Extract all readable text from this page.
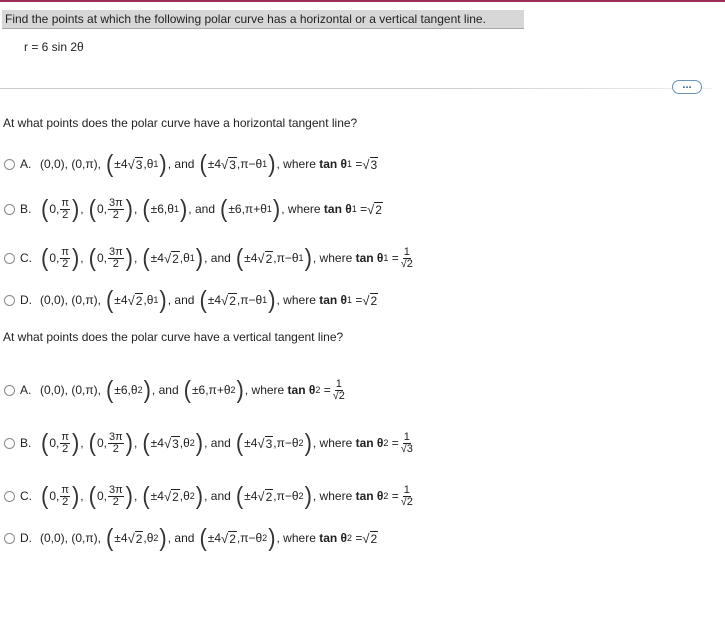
Find the points at which the following polar curve has a horizontal or a vertical tangent line.
r = 6 sin 2θ
...
At what points does the polar curve have a horizontal tangent line?
A. (0,0), (0,π), ( ±4 √ 3 ,θ 1 ) , and ( ±4 √ 3 ,π−θ 1 ) , where tan θ 1 = √ 3
B. ( 0, $\frac{\pi}{2}$ ) , ( 0, $\frac{3\pi}{2}$ ) , ( ±6,θ 1 ) , and ( ±6,π+θ 1 ) , where tan θ 1 = √ 2
C. ( 0, $\frac{\pi}{2}$ ) , ( 0, $\frac{3\pi}{2}$ ) , ( ±4 √ 2 ,θ 1 ) , and ( ±4 √ 2 ,π−θ 1 ) , where tan θ $1 = \frac{1}{√2}$
D. (0,0), (0,π), ( ±4 √ 2 ,θ 1 ) , and ( ±4 √ 2 ,π−θ 1 ) , where tan θ 1 = √ 2
At what points does the polar curve have a vertical tangent line?
A. (0,0), (0,π), ( ±6,θ 2 ) , and ( ±6,π+θ 2 ) , where tan θ $2 = \frac{1}{√2}$
B. ( 0, $\frac{\pi}{2}$ ) , ( 0, $\frac{3\pi}{2}$ ) , ( ±4 √ 3 ,θ 2 ) , and ( ±4 √ 3 ,π−θ 2 ) , where tan θ $2 = \frac{1}{√3}$
C. ( 0, $\frac{\pi}{2}$ ) , ( 0, $\frac{3\pi}{2}$ ) , ( ±4 √ 2 ,θ 2 ) , and ( ±4 √ 2 ,π−θ 2 ) , where tan θ $2 = \frac{1}{√2}$
D. (0,0), (0,π), ( ±4 √ 2 ,θ 2 ) , and ( ±4 √ 2 ,π−θ 2 ) , where tan θ 2 = √ 2
